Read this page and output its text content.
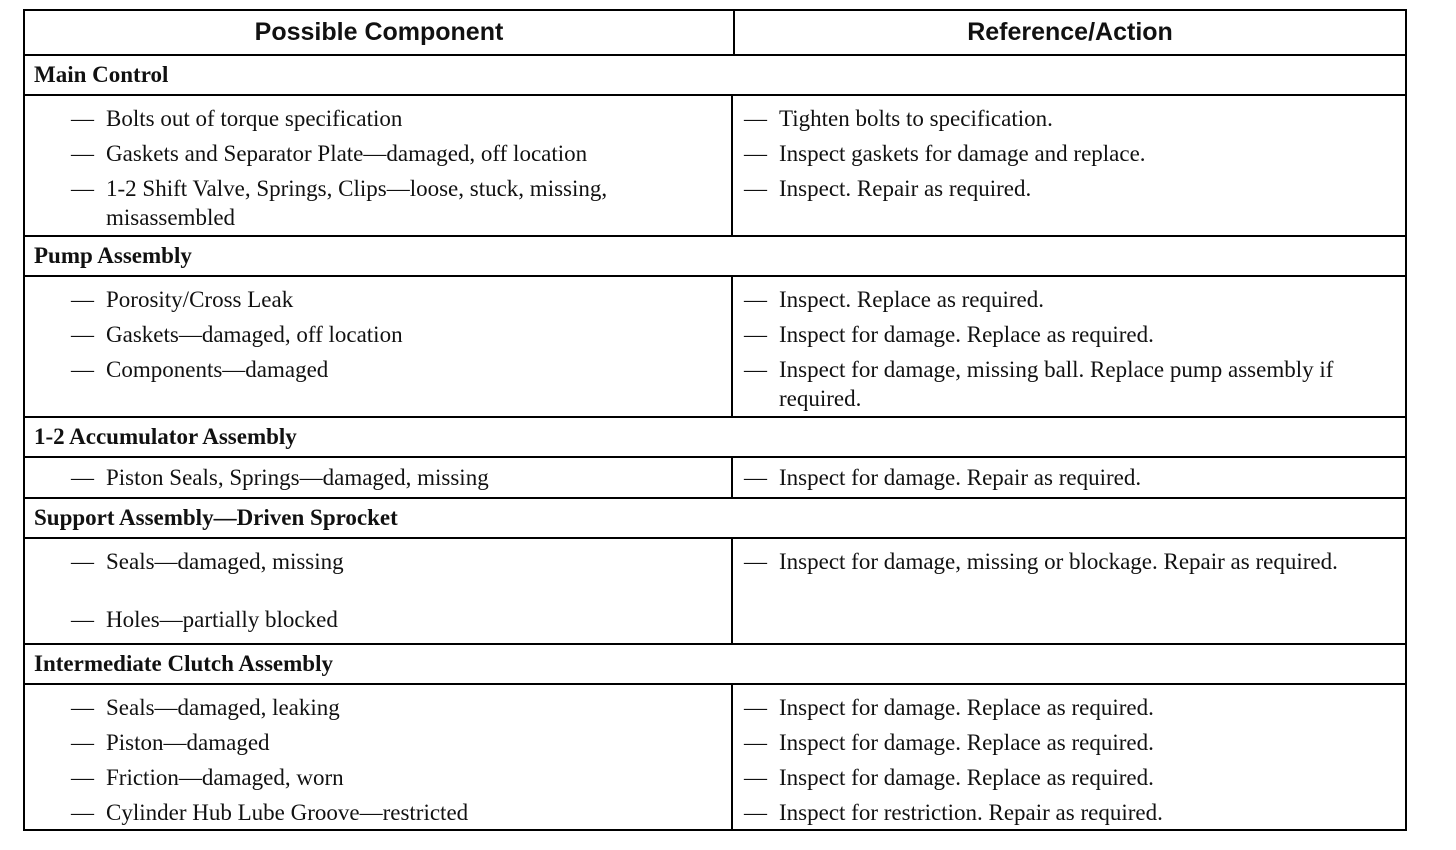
Possible Component	Reference/Action
Main Control
— Bolts out of torque specification
— Gaskets and Separator Plate—damaged, off location
— 1-2 Shift Valve, Springs, Clips—loose, stuck, missing, misassembled
— Tighten bolts to specification.
— Inspect gaskets for damage and replace.
— Inspect. Repair as required.
Pump Assembly
— Porosity/Cross Leak
— Gaskets—damaged, off location
— Components—damaged
— Inspect. Replace as required.
— Inspect for damage. Replace as required.
— Inspect for damage, missing ball. Replace pump assembly if required.
1-2 Accumulator Assembly
— Piston Seals, Springs—damaged, missing	— Inspect for damage. Repair as required.
Support Assembly—Driven Sprocket
— Seals—damaged, missing
— Holes—partially blocked
— Inspect for damage, missing or blockage. Repair as required.
Intermediate Clutch Assembly
— Seals—damaged, leaking
— Piston—damaged
— Friction—damaged, worn
— Cylinder Hub Lube Groove—restricted
— Inspect for damage. Replace as required.
— Inspect for damage. Replace as required.
— Inspect for damage. Replace as required.
— Inspect for restriction. Repair as required.
